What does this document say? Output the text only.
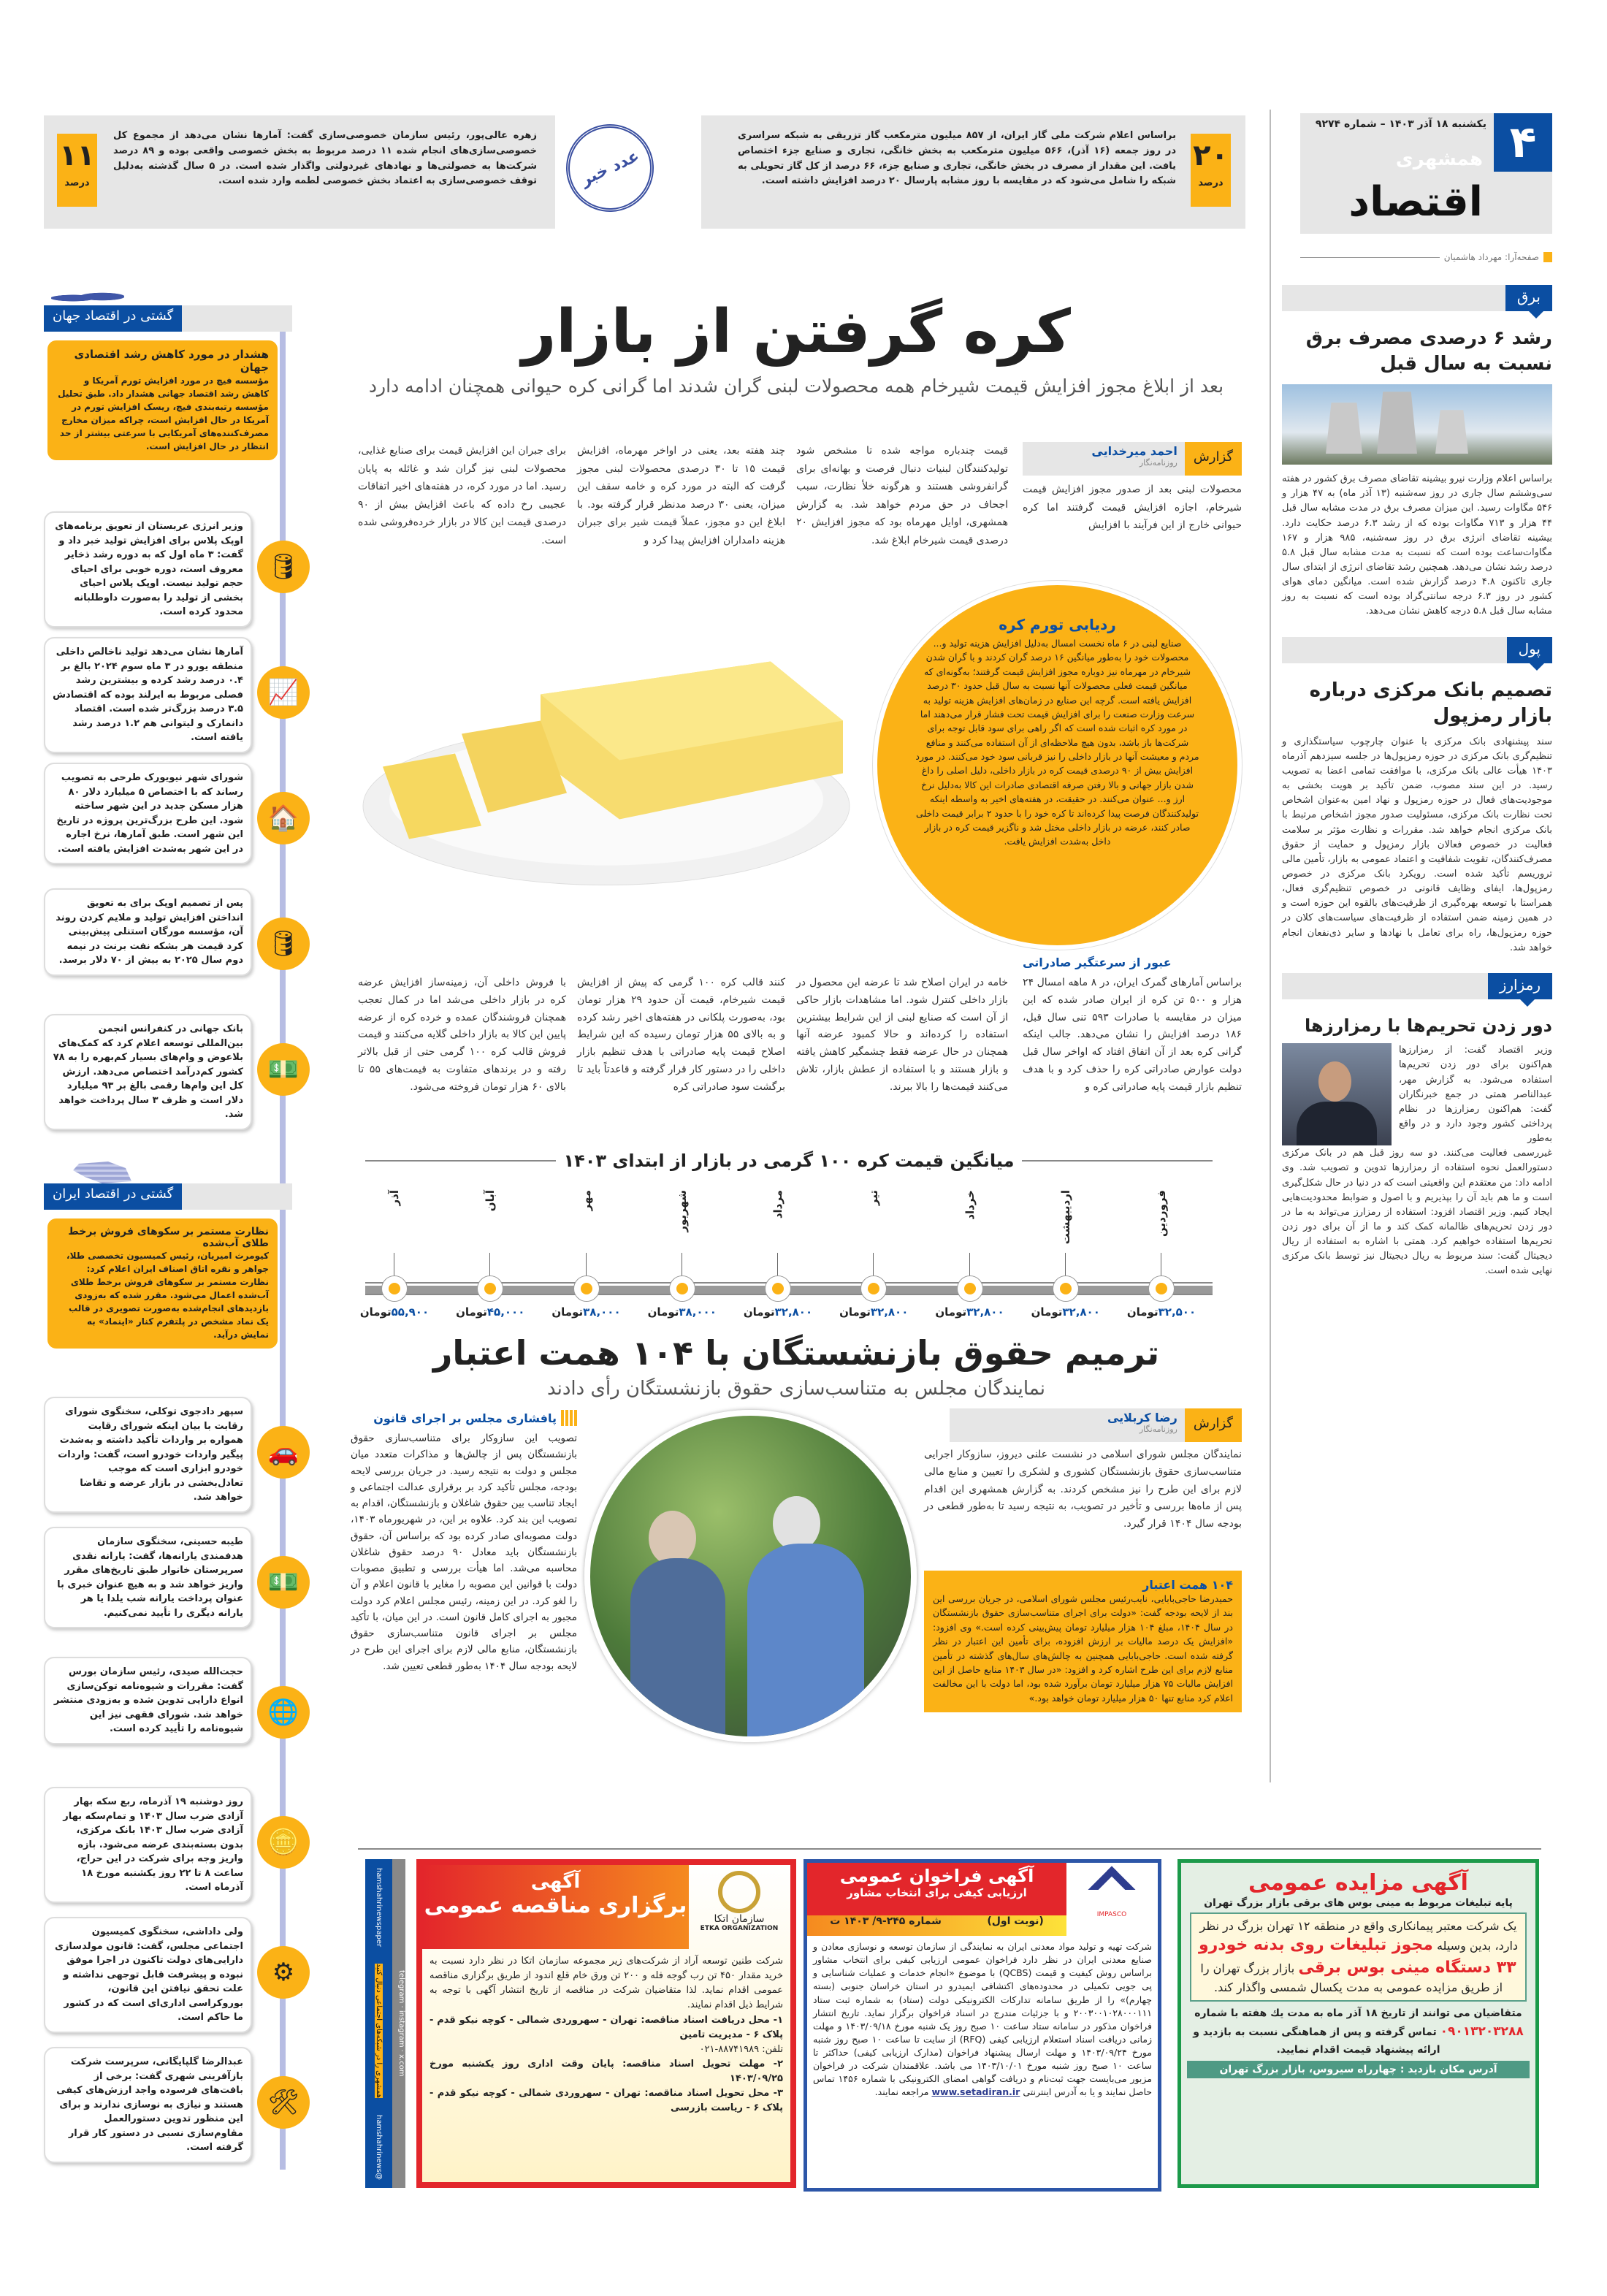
۴
یکشنبه ۱۸ آذر ۱۴۰۳ – شماره ۹۲۷۴
همشهری
اقتصاد
صفحه‌آرا: مهرداد هاشمیان
۲۰
درصد
براساس اعلام شرکت ملی گاز ایران، از ۸۵۷ میلیون مترمکعب گاز تزریقی به شبکه سراسری در روز جمعه (۱۶ آذر)، ۵۶۶ میلیون مترمکعب به بخش خانگی، تجاری و صنایع جزء اختصاص یافت. این مقدار از مصرف در بخش خانگی، تجاری و صنایع جزء، ۶۶ درصد از کل گاز تحویلی به شبکه را شامل می‌شود که در مقایسه با روز مشابه پارسال ۲۰ درصد افزایش داشته است.
عدد خبر
۱۱
درصد
زهره عالی‌پور، رئیس سازمان خصوصی‌سازی گفت: آمارها نشان می‌دهد از مجموع کل خصوصی‌سازی‌های انجام شده ۱۱ درصد مربوط به بخش خصوصی واقعی بوده و ۸۹ درصد شرکت‌ها به خصولتی‌ها و نهادهای غیردولتی واگذار شده است. در ۵ سال گذشته به‌دلیل توقف خصوصی‌سازی به اعتماد بخش خصوصی لطمه وارد شده است.
برق
رشد ۶ درصدی مصرف برق نسبت به سال قبل
براساس اعلام وزارت نیرو بیشینه تقاضای مصرف برق کشور در هفته سی‌وششم سال جاری در روز سه‌شنبه (۱۳ آذر ماه) به ۴۷ هزار و ۵۴۶ مگاوات رسید. این میزان مصرف برق در مدت مشابه سال قبل ۴۴ هزار و ۷۱۳ مگاوات بوده که از رشد ۶.۳ درصد حکایت دارد. بیشینه تقاضای انرژی برق در روز سه‌شنبه، ۹۸۵ هزار و ۱۶۷ مگاوات‌ساعت بوده است که نسبت به مدت مشابه سال قبل ۵.۸ درصد رشد نشان می‌دهد. همچنین رشد تقاضای انرژی از ابتدای سال جاری تاکنون ۴.۸ درصد گزارش شده است. میانگین دمای هوای کشور در روز ۶.۳ درجه سانتی‌گراد بوده است که نسبت به روز مشابه سال قبل ۵.۸ درجه کاهش نشان می‌دهد.
پول
تصمیم بانک مرکزی درباره بازار رمزپول
سند پیشنهادی بانک مرکزی با عنوان چارچوب سیاستگذاری و تنظیم‌گری بانک مرکزی در حوزه رمزپول‌ها در جلسه سیزدهم آذرماه ۱۴۰۳ هیأت عالی بانک مرکزی، با موافقت تمامی اعضا به تصویب رسید. در این سند مصوب، ضمن تأکید بر هویت بخشی به موجودیت‌های فعال در حوزه رمزپول و نهاد امین به‌عنوان اشخاص تحت نظارت بانک مرکزی، مسئولیت صدور مجوز اشخاص مرتبط با بانک مرکزی انجام خواهد شد. مقررات و نظارت مؤثر بر سلامت فعالیت در خصوص فعالان بازار رمزپول و حمایت از حقوق مصرف‌کنندگان، تقویت شفافیت و اعتماد عمومی به بازار، تأمین مالی تروریسم تأکید شده است. رویکرد بانک مرکزی در خصوص رمزپول‌ها، ایفای وظایف قانونی در خصوص تنظیم‌گری فعال، همراستا با توسعه بهره‌گیری از ظرفیت‌های بالقوه این حوزه است و در همین زمینه ضمن استفاده از ظرفیت‌های سیاست‌های کلان در حوزه رمزپول‌ها، راه برای تعامل با نهادها و سایر ذی‌نفعان انجام خواهد شد.
رمزارز
دور زدن تحریم‌ها با رمزارزها
وزیر اقتصاد گفت: از رمزارزها هم‌اکنون برای دور زدن تحریم‌ها استفاده می‌شود. به گزارش مهر، عبدالناصر همتی در جمع خبرنگاران گفت: هم‌اکنون رمزارزها در نظام پرداختی کشور وجود دارد و در واقع به‌طور
غیررسمی فعالیت می‌کنند. دو سه روز قبل هم در بانک مرکزی دستورالعمل نحوه استفاده از رمزارزها تدوین و تصویب شد. وی ادامه داد: من معتقدم این واقعیتی است که در دنیا در حال شکل‌گیری است و ما هم باید آن را بپذیریم و با اصول و ضوابط محدودیت‌هایی ایجاد کنیم. وزیر اقتصاد افزود: استفاده از رمزارز می‌تواند به ما در دور زدن تحریم‌های ظالمانه کمک کند و ما از آن برای دور زدن تحریم‌ها استفاده خواهیم کرد. همتی با اشاره به استفاده از ریال دیجیتال گفت: سند مربوط به ریال دیجیتال نیز توسط بانک مرکزی نهایی شده است.
کره گرفتن از بازار
بعد از ابلاغ مجوز افزایش قیمت شیرخام همه محصولات لبنی گران شدند اما گرانی کره حیوانی همچنان ادامه دارد
گزارش
احمد میرخدایی
روزنامه‌نگار
محصولات لبنی بعد از صدور مجوز افزایش قیمت شیرخام، اجازه افزایش قیمت گرفتند اما کره حیوانی خارج از این فرآیند با افزایش
قیمت چندباره مواجه شده تا مشخص شود تولیدکنندگان لبنیات دنبال فرصت و بهانه‌ای برای گرانفروشی هستند و هرگونه خلأ نظارت، سبب اجحاف در حق مردم خواهد شد. به گزارش همشهری، اوایل مهرماه بود که مجوز افزایش ۲۰ درصدی قیمت شیرخام ابلاغ شد.
چند هفته بعد، یعنی در اواخر مهرماه، افزایش قیمت ۱۵ تا ۳۰ درصدی محصولات لبنی مجوز گرفت که البته در مورد کره و خامه سقف این میزان، یعنی ۳۰ درصد مدنظر قرار گرفته بود. با ابلاغ این دو مجوز، عملاً قیمت شیر برای جبران هزینه دامداران افزایش پیدا کرد و
برای جبران این افزایش قیمت برای صنایع غذایی، محصولات لبنی نیز گران شد و غائله به پایان رسید. اما در مورد کره، در هفته‌های اخیر اتفاقات عجیبی رخ داده که باعث افزایش بیش از ۹۰ درصدی قیمت این کالا در بازار خرده‌فروشی شده است.
ردیابی تورم کره
صنایع لبنی در ۶ ماه نخست امسال به‌دلیل افزایش هزینه تولید و... محصولات خود را به‌طور میانگین ۱۶ درصد گران کردند و با گران شدن شیرخام در مهرماه نیز دوباره مجوز افزایش قیمت گرفتند؛ به‌گونه‌ای که میانگین قیمت فعلی محصولات آنها نسبت به سال قبل حدود ۳۰ درصد افزایش یافته است. گرچه این صنایع در زمان‌های افزایش هزینه تولید به سرعت وزارت صنعت را برای افزایش قیمت تحت فشار قرار می‌دهند اما در مورد کره اثبات شده است که اگر راهی برای سود قابل توجه برای شرکت‌ها باز باشد، بدون هیچ ملاحظه‌ای از آن استفاده می‌کنند و منافع مردم و معیشت آنها در بازار داخلی را نیز قربانی سود خود می‌کنند. در مورد افزایش بیش از ۹۰ درصدی قیمت کره در بازار داخلی، دلیل اصلی را داغ شدن بازار جهانی و بالا رفتن صرفه اقتصادی صادرات این کالا به‌دلیل نرخ ارز و... عنوان می‌کنند. در حقیقت، در هفته‌های اخیر به واسطه اینکه تولیدکنندگان فرصت پیدا کرده‌اند تا کره خود را با حدود ۲ برابر قیمت داخلی صادر کنند، عرضه در بازار داخلی مختل شد و ناگزیر قیمت کره در بازار داخل به‌شدت افزایش یافت.
عبور از سرعتگیر صادراتی
براساس آمارهای گمرک ایران، در ۸ ماهه امسال ۲۴ هزار و ۵۰۰ تن کره از ایران صادر شده که این میزان در مقایسه با صادرات ۵۹۳ تنی سال قبل، ۱۸۶ درصد افزایش را نشان می‌دهد. جالب اینکه گرانی کره بعد از آن اتفاق افتاد که اواخر سال قبل دولت عوارض صادراتی کره را حذف کرد و با هدف تنظیم بازار قیمت پایه صادراتی کره و
خامه در ایران اصلاح شد تا عرضه این محصول در بازار داخلی کنترل شود. اما مشاهدات بازار حاکی از آن است که صنایع لبنی از این شرایط بیشترین استفاده را کرده‌اند و حالا کمبود عرضه آنها همچنان در حال عرضه فقط چشمگیر کاهش یافته و بازار هستند و با استفاده از عطش بازار، تلاش می‌کنند قیمت‌ها را بالا ببرند.
کنند قالب کره ۱۰۰ گرمی که پیش از افزایش قیمت شیرخام، قیمت آن حدود ۲۹ هزار تومان بود، به‌صورت پلکانی در هفته‌های اخیر رشد کرده و به بالای ۵۵ هزار تومان رسیده که این شرایط اصلاح قیمت پایه صادراتی با هدف تنظیم بازار داخلی را در دستور کار قرار گرفته و قاعدتاً باید تا برگشت سود صادراتی کره
با فروش داخلی آن، زمینه‌ساز افزایش عرضه کره در بازار داخلی می‌شد اما در کمال تعجب همچنان فروشندگان عمده و خرده کره از عرضه پایین این کالا به بازار داخلی گلایه می‌کنند و قیمت فروش قالب کره ۱۰۰ گرمی حتی از قبل بالاتر رفته و در برندهای متفاوت به قیمت‌های ۵۵ تا بالای ۶۰ هزار تومان فروخته می‌شود.
میانگین قیمت کره ۱۰۰ گرمی در بازار از ابتدای ۱۴۰۳
فروردین
۳۲,۵۰۰تومان
اردیبهشت
۳۲,۸۰۰تومان
خرداد
۳۲,۸۰۰تومان
تیر
۳۲,۸۰۰تومان
مرداد
۳۲,۸۰۰تومان
شهریور
۳۸,۰۰۰تومان
مهر
۳۸,۰۰۰تومان
آبان
۴۵,۰۰۰تومان
آذر
۵۵,۹۰۰تومان
ترمیم حقوق بازنشستگان با ۱۰۴ همت اعتبار
نمایندگان مجلس به متناسب‌سازی حقوق بازنشستگان رأی دادند
گزارش
رضا کربلایی
روزنامه‌نگار
نمایندگان مجلس شورای اسلامی در نشست علنی دیروز، سازوکار اجرایی متناسب‌سازی حقوق بازنشستگان کشوری و لشکری را تعیین و منابع مالی لازم برای این طرح را نیز مشخص کردند. به گزارش همشهری این اقدام پس از ماه‌ها بررسی و تأخیر در تصویب، به نتیجه رسید تا به‌طور قطعی در بودجه سال ۱۴۰۴ قرار گیرد.
۱۰۴ همت اعتبار
حمیدرضا حاجی‌بابایی، نایب‌رئیس مجلس شورای اسلامی، در جریان بررسی این بند از لایحه بودجه گفت: «دولت برای اجرای متناسب‌سازی حقوق بازنشستگان در سال ۱۴۰۴، مبلغ ۱۰۴ هزار میلیارد تومان پیش‌بینی کرده است.» وی افزود: «افزایش یک درصد مالیات بر ارزش افزوده، برای تأمین این اعتبار در نظر گرفته شده است. حاجی‌بابایی همچنین به چالش‌های سال‌های گذشته در تأمین منابع لازم برای این طرح اشاره کرد و افزود: «در سال ۱۴۰۳ منابع حاصل از این افزایش مالیات ۷۵ هزار میلیارد تومان برآورد شده بود، اما دولت با این مخالفت اعلام کرد منابع تنها ۵۰ هزار میلیارد تومان خواهد بود.»
پافشاری مجلس بر اجرای قانون
تصویب این سازوکار برای متناسب‌سازی حقوق بازنشستگان پس از چالش‌ها و مذاکرات متعدد میان مجلس و دولت به نتیجه رسید. در جریان بررسی لایحه بودجه، مجلس تأکید کرد بر برقراری عدالت اجتماعی و ایجاد تناسب بین حقوق شاغلان و بازنشستگان، اقدام به تصویب این بند کرد. علاوه بر این، در شهریورماه ۱۴۰۳، دولت مصوبه‌ای صادر کرده بود که براساس آن، حقوق بازنشستگان باید معادل ۹۰ درصد حقوق شاغلان محاسبه می‌شد. اما هیأت بررسی و تطبیق مصوبات دولت با قوانین این مصوبه را مغایر با قانون اعلام و آن را لغو کرد. در این زمینه، رئیس مجلس اعلام کرد دولت مجبور به اجرای کامل قانون است. در این میان، با تأکید مجلس بر اجرای قانون متناسب‌سازی حقوق بازنشستگان، منابع مالی لازم برای اجرای این طرح در لایحه بودجه سال ۱۴۰۴ به‌طور قطعی تعیین شد.
گشتی در اقتصاد جهان
هشدار در مورد کاهش رشد اقتصادی جهان
مؤسسه فیچ در مورد افزایش تورم آمریکا و کاهش رشد اقتصاد جهانی هشدار داد. طبق تحلیل مؤسسه رتبه‌بندی فیچ، ریسک افزایش تورم در آمریکا در حال افزایش است، چراکه میزان مخارج مصرف‌کننده‌های آمریکایی با سرعتی بیشتر از حد انتظار در حال افزایش است.
وزیر انرژی عربستان از تعویق برنامه‌های اوپک پلاس برای افزایش تولید خبر داد و گفت: ۳ ماه اول که به دوره رشد ذخایر معروف است، دوره خوبی برای احیای حجم تولید نیست. اوپک پلاس احیای بخشی از تولید را به‌صورت داوطلبانه محدود کرده است.
🛢
آمارها نشان می‌دهد تولید ناخالص داخلی منطقه یورو در ۳ ماه سوم ۲۰۲۴ بالغ بر ۰.۴ درصد رشد کرده و بیشترین رشد فصلی مربوط به ایرلند بوده که اقتصادش ۳.۵ درصد بزرگ‌تر شده است. اقتصاد دانمارک و لیتوانی هم ۱.۲ درصد رشد یافته است.
📈
شورای شهر نیویورک طرحی به تصویب رساند که با اختصاص ۵ میلیارد دلار ۸۰ هزار مسکن جدید در این شهر ساخته شود. این طرح بزرگ‌ترین پروژه در تاریخ این شهر است. طبق آمارها، نرخ اجاره در این شهر به‌شدت افزایش یافته است.
🏠
پس از تصمیم اوپک برای به تعویق انداختن افزایش تولید و ملایم کردن روند آن، مؤسسه مورگان استنلی پیش‌بینی کرد قیمت هر بشکه نفت برنت در نیمه دوم سال ۲۰۲۵ به بیش از ۷۰ دلار برسد.
🛢
بانک جهانی در کنفرانس انجمن بین‌المللی توسعه اعلام کرد که کمک‌های بلاعوض و وام‌های بسیار کم‌بهره را به ۷۸ کشور کم‌درآمد اختصاص می‌دهد. ارزش کل این وام‌ها رقمی بالغ بر ۹۳ میلیارد دلار است و ظرف ۳ سال پرداخت خواهد شد.
💵
گشتی در اقتصاد ایران
نظارت مستمر بر سکوهای فروش برخط طلای آب‌شده
کیومرث امیریان، رئیس کمیسیون تخصصی طلا، جواهر و نقره اتاق اصناف ایران اعلام کرد: نظارت مستمر بر سکوهای فروش برخط طلای آب‌شده اعمال می‌شود. مقرر شده که به‌زودی بازدیدهای انجام‌شده به‌صورت تصویری در قالب یک نماد مشخص در پلتفرم کنار «اینماد» به نمایش درآید.
سپهر دادجوی توکلی، سخنگوی شورای رقابت با بیان اینکه شورای رقابت همواره بر واردات تأکید داشته و به‌شدت پیگیر واردات خودرو است، گفت: واردات خودرو ابزاری است که موجب تعادل‌بخشی در بازار عرضه و تقاضا خواهد شد.
🚗
طیبه حسینی، سخنگوی سازمان هدفمندی یارانه‌ها، گفت: یارانه نقدی سرپرستان خانوار طبق تاریخ‌های مقرر واریز خواهد شد و به هیچ عنوان خبری با عنوان پرداخت یارانه شب یلدا یا هر یارانه دیگری را تأیید نمی‌کنیم.
💵
حجت‌الله صیدی، رئیس سازمان بورس گفت: مقررات و شیوه‌نامه توکن‌سازی انواع دارایی تدوین شده و به‌زودی منتشر خواهد شد. شورای فقهی نیز این شیوه‌نامه را تأیید کرده است.
🌐
روز دوشنبه ۱۹ آذرماه، ربع سکه بهار آزادی ضرب سال ۱۴۰۳ و تمام‌سکه بهار آزادی ضرب سال ۱۴۰۳ بانک مرکزی، بدون بسته‌بندی عرضه می‌شود. بازه واریز وجه برای شرکت در این حراج، ساعت ۸ تا ۲۲ روز یکشنبه مورخ ۱۸ آذرماه است.
🪙
ولی داداشی، سخنگوی کمیسیون اجتماعی مجلس، گفت: قانون مولدسازی دارایی‌های دولت تاکنون در اجرا موفق نبوده و پیشرفت قابل توجهی نداشته و علت تحقق نیافتن این قانون، بوروکراسی اداری‌ای است که در کشور ما حاکم است.
⚙
عبدالرضا گلپایگانی، سرپرست شرکت بازآفرینی شهری گفت: برخی از بافت‌های فرسوده واجد ارزش‌های کیفی هستند و نیازی به نوسازی ندارند و برای این منظور تدوین دستورالعمل مقاوم‌سازی نسبی در دستور کار قرار گرفته است.
🛠
telegram · instagram · x.com
@hamshahrinews
همشهری را در شبکه‌های اجتماعی دنبال کنید
hamshahrinewspaper	آگهی
برگزاری مناقصه عمومی
سازمان اتکا
ETKA ORGANIZATION
شرکت طنین توسعه آراد از شرکت‌های زیر مجموعه سازمان اتکا در نظر دارد نسبت به خرید مقدار ۴۵۰ تن رب گوجه فله و ۲۰۰ تن ورق خام قلع اندود از طریق برگزاری مناقصه عمومی اقدام نماید. لذا متقاضیان شرکت در مناقصه از تاریخ انتشار آگهی با توجه به شرایط ذیل اقدام نمایند.
۱- محل دریافت اسناد مناقصه: تهران - سهروردی شمالی - کوچه نیکو قدم - پلاک ۶ - مدیریت تامین
تلفن: ۸۸۷۴۱۹۸۹-۰۲۱
۲- مهلت تحویل اسناد مناقصه: پایان وقت اداری روز یکشنبه مورخ ۱۴۰۳/۰۹/۲۵
۳- محل تحویل اسناد مناقصه: تهران - سهروردی شمالی - کوچه نیکو قدم - پلاک ۶ - ریاست بازرسی
آگهی فراخوان عمومی
ارزیابی کیفی برای انتخاب مشاور
(نوبت اول)
شماره ۲۴۵-۹/ ۱۴۰۳ ت
IMPASCO
شرکت تهیه و تولید مواد معدنی ایران به نمایندگی از سازمان توسعه و نوسازی معادن و صنایع معدنی ایران در نظر دارد فراخوان عمومی ارزیابی کیفی برای انتخاب مشاور براساس روش کیفیت و قیمت (QCBS) با موضوع «انجام خدمات و عملیات شناسایی و پی جویی تکمیلی در محدوده‌های اکتشافی ایمیدرو در استان خراسان جنوبی (بسته چهارم)» را از طریق سامانه تدارکات الکترونیکی دولت (ستاد) به شماره ثبت ستاد ۲۰۰۳۰۰۱۰۲۸۰۰۰۱۱۱ و با جزئیات مندرج در اسناد فراخوان برگزار نماید. تاریخ انتشار فراخوان مذکور در سامانه ستاد ساعت ۱۰ صبح روز یک شنبه مورخ ۱۴۰۳/۰۹/۱۸ و مهلت زمانی دریافت اسناد استعلام ارزیابی کیفی (RFQ) از سایت تا ساعت ۱۰ صبح روز شنبه مورخ ۱۴۰۳/۰۹/۲۴ و مهلت ارسال پیشنهاد فراخوان (مدارک ارزیابی کیفی) حداکثر تا ساعت ۱۰ صبح روز شنبه مورخ ۱۴۰۳/۱۰/۰۱ می باشد. علاقمندان شرکت در فراخوان مزبور می‌بایست جهت ثبت‌نام و دریافت گواهی امضای الکترونیکی با شماره ۱۴۵۶ تماس حاصل نمایند و یا به آدرس اینترنتی www.setadiran.ir مراجعه نمایند.
آگهی مزایده عمومی
پایه تبلیغات مربوط به مینی بوس های برقی بازار بزرگ تهران
یک شرکت معتبر پیمانکاری واقع در منطقه ۱۲ تهران بزرگ در نظر دارد، بدین وسیله مجوز تبلیغات روی بدنه خودرو ۳۳ دستگاه مینی بوس برقی بازار بزرگ تهران را از طریق مزایده عمومی به مدت یکسال شمسی واگذار کند.
متقاضیان می توانند از تاریخ ۱۸ آذر ماه به مدت یك هفته با شماره ۰۹۰۱۳۲۰۳۲۸۸ تماس گرفته و پس از هماهنگی نسبت به بازدید و ارائه پیشنهاد قیمت اقدام نمایید.
آدرس مکان بازدید : چهارراه سیروس، بازار بزرگ تهران
